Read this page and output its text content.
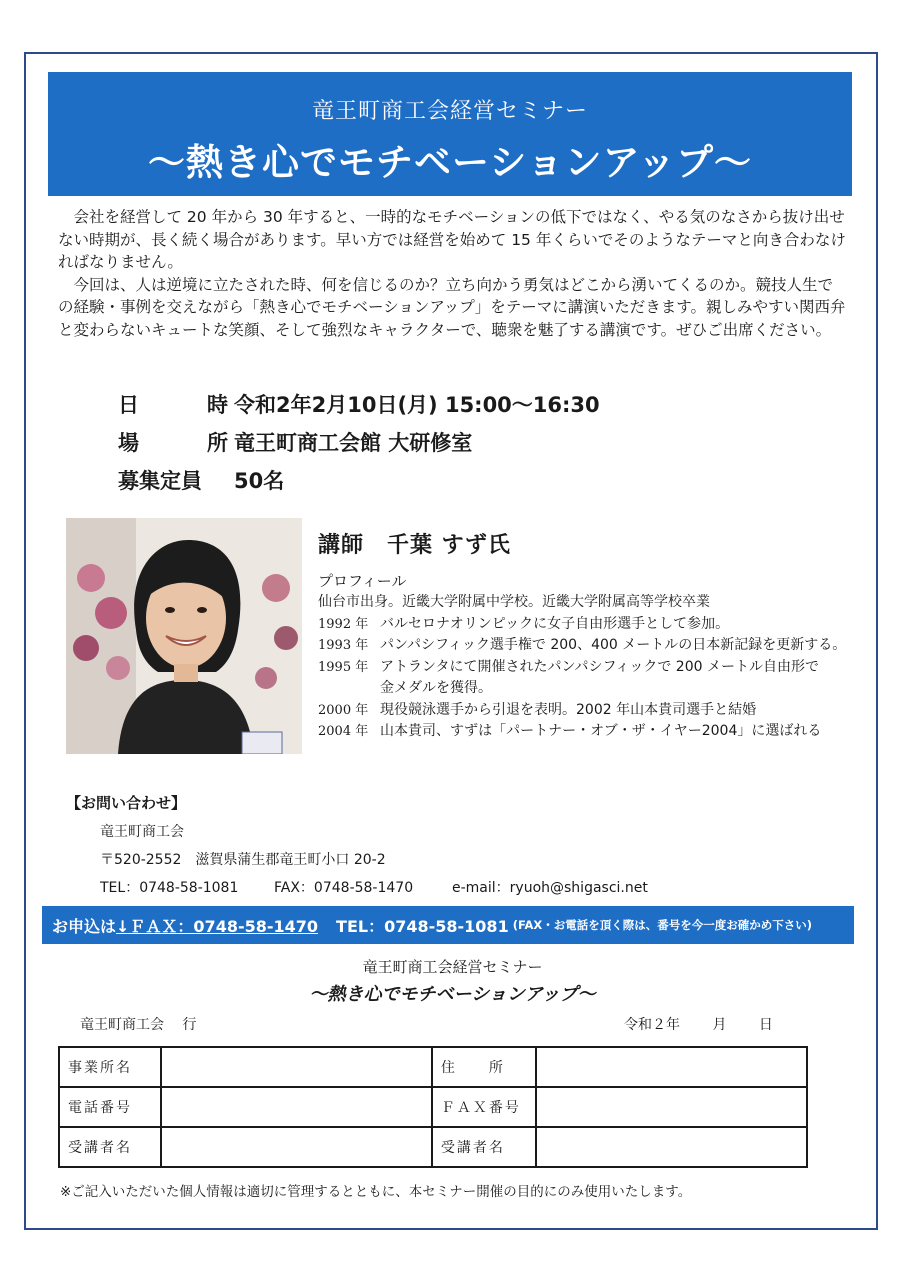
竜王町商工会経営セミナー
～熱き心でモチベーションアップ～

会社を経営して 20 年から 30 年すると、一時的なモチベーションの低下ではなく、やる気のなさから抜け出せない時期が、長く続く場合があります。早い方では経営を始めて 15 年くらいでそのようなテーマと向き合わなければなりません。

今回は、人は逆境に立たされた時、何を信じるのか？立ち向かう勇気はどこから湧いてくるのか。競技人生での経験・事例を交えながら「熱き心でモチベーションアップ」をテーマに講演いただきます。親しみやすい関西弁と変わらないキュートな笑顔、そして強烈なキャラクターで、聴衆を魅了する講演です。ぜひご出席ください。

日	時 令和2年2月10日(月) 15:00～16:30
場	所 竜王町商工会館 大研修室
募集定員	50名
講師　千葉 すず氏
プロフィール
仙台市出身。近畿大学附属中学校。近畿大学附属高等学校卒業
1992 年 バルセロナオリンピックに女子自由形選手として参加。
1993 年 パンパシフィック選手権で 200、400 メートルの日本新記録を更新する。
1995 年 アトランタにて開催されたパンパシフィックで 200 メートル自由形で
金メダルを獲得。
2000 年 現役競泳選手から引退を表明。2002 年山本貴司選手と結婚
2004 年 山本貴司、すずは「パートナー・オブ・ザ・イヤー2004」に選ばれる
【お問い合わせ】
竜王町商工会
〒520-2552　滋賀県蒲生郡竜王町小口 20-2
TEL：0748-58-1081	FAX：0748-58-1470	e-mail：ryuoh@shigasci.net
お申込は ↓ＦＡＸ：0748-58-1470 TEL：0748-58-1081 (FAX・お電話を頂く際は、番号を今一度お確かめ下さい)
竜王町商工会経営セミナー
～熱き心でモチベーションアップ～
竜王町商工会　 行	令和２年　　 月　　 日
事業所名		住　　所	
電話番号		ＦＡＸ番号	
受講者名		受講者名	
※ご記入いただいた個人情報は適切に管理するとともに、本セミナー開催の目的にのみ使用いたします。
